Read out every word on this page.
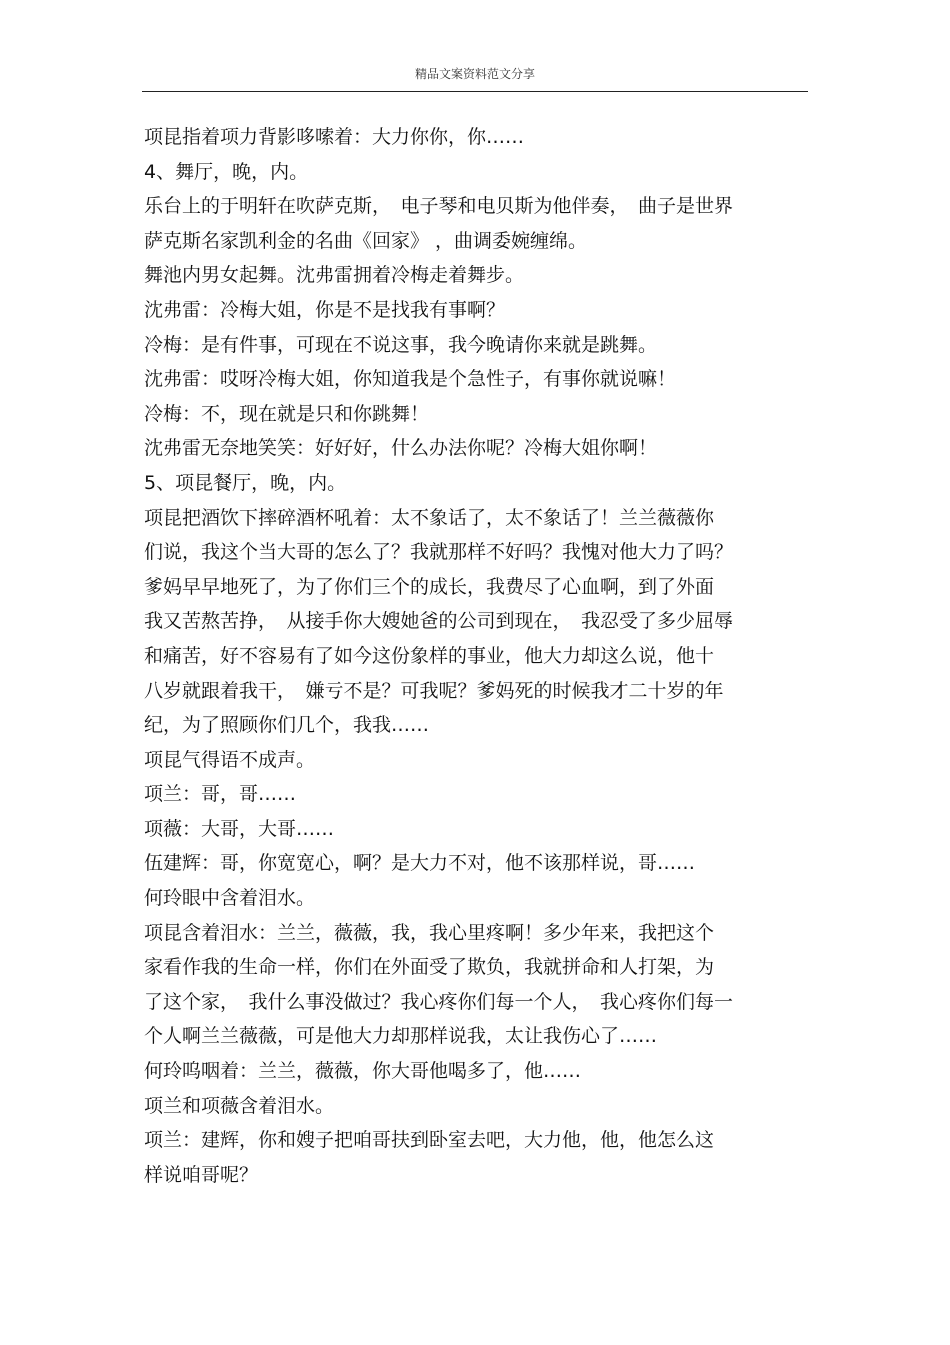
精品文案资料范文分享
项昆指着项力背影哆嗦着：大力你你，你……
4、舞厅，晚，内。
乐台上的于明轩在吹萨克斯，　电子琴和电贝斯为他伴奏，　曲子是世界
萨克斯名家凯利金的名曲《回家》 ，曲调委婉缠绵。
舞池内男女起舞。沈弗雷拥着冷梅走着舞步。
沈弗雷：冷梅大姐，你是不是找我有事啊？
冷梅：是有件事，可现在不说这事，我今晚请你来就是跳舞。
沈弗雷：哎呀冷梅大姐，你知道我是个急性子，有事你就说嘛！
冷梅：不，现在就是只和你跳舞！
沈弗雷无奈地笑笑：好好好，什么办法你呢？冷梅大姐你啊！
5、项昆餐厅，晚，内。
项昆把酒饮下摔碎酒杯吼着：太不象话了，太不象话了！兰兰薇薇你
们说，我这个当大哥的怎么了？我就那样不好吗？我愧对他大力了吗？
爹妈早早地死了，为了你们三个的成长，我费尽了心血啊，到了外面
我又苦熬苦挣，　从接手你大嫂她爸的公司到现在，　我忍受了多少屈辱
和痛苦，好不容易有了如今这份象样的事业，他大力却这么说，他十
八岁就跟着我干，　嫌亏不是？可我呢？爹妈死的时候我才二十岁的年
纪，为了照顾你们几个，我我……
项昆气得语不成声。
项兰：哥，哥……
项薇：大哥，大哥……
伍建辉：哥，你宽宽心，啊？是大力不对，他不该那样说，哥……
何玲眼中含着泪水。
项昆含着泪水：兰兰，薇薇，我，我心里疼啊！多少年来，我把这个
家看作我的生命一样，你们在外面受了欺负，我就拼命和人打架，为
了这个家，　我什么事没做过？我心疼你们每一个人，　我心疼你们每一
个人啊兰兰薇薇，可是他大力却那样说我，太让我伤心了……
何玲呜咽着：兰兰，薇薇，你大哥他喝多了，他……
项兰和项薇含着泪水。
项兰：建辉，你和嫂子把咱哥扶到卧室去吧，大力他，他，他怎么这
样说咱哥呢？
